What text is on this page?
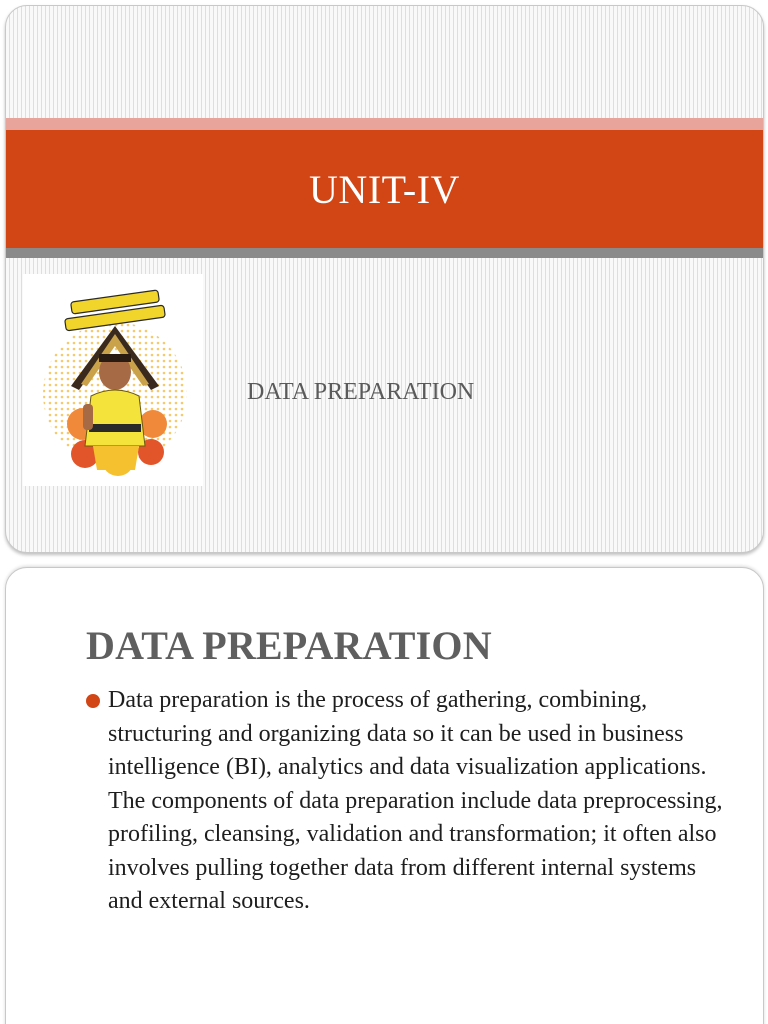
UNIT-IV
DATA PREPARATION
DATA PREPARATION

Data preparation is the process of gathering, combining, structuring and organizing data so it can be used in business intelligence (BI), analytics and data visualization applications. The components of data preparation include data preprocessing, profiling, cleansing, validation and transformation; it often also involves pulling together data from different internal systems and external sources.
